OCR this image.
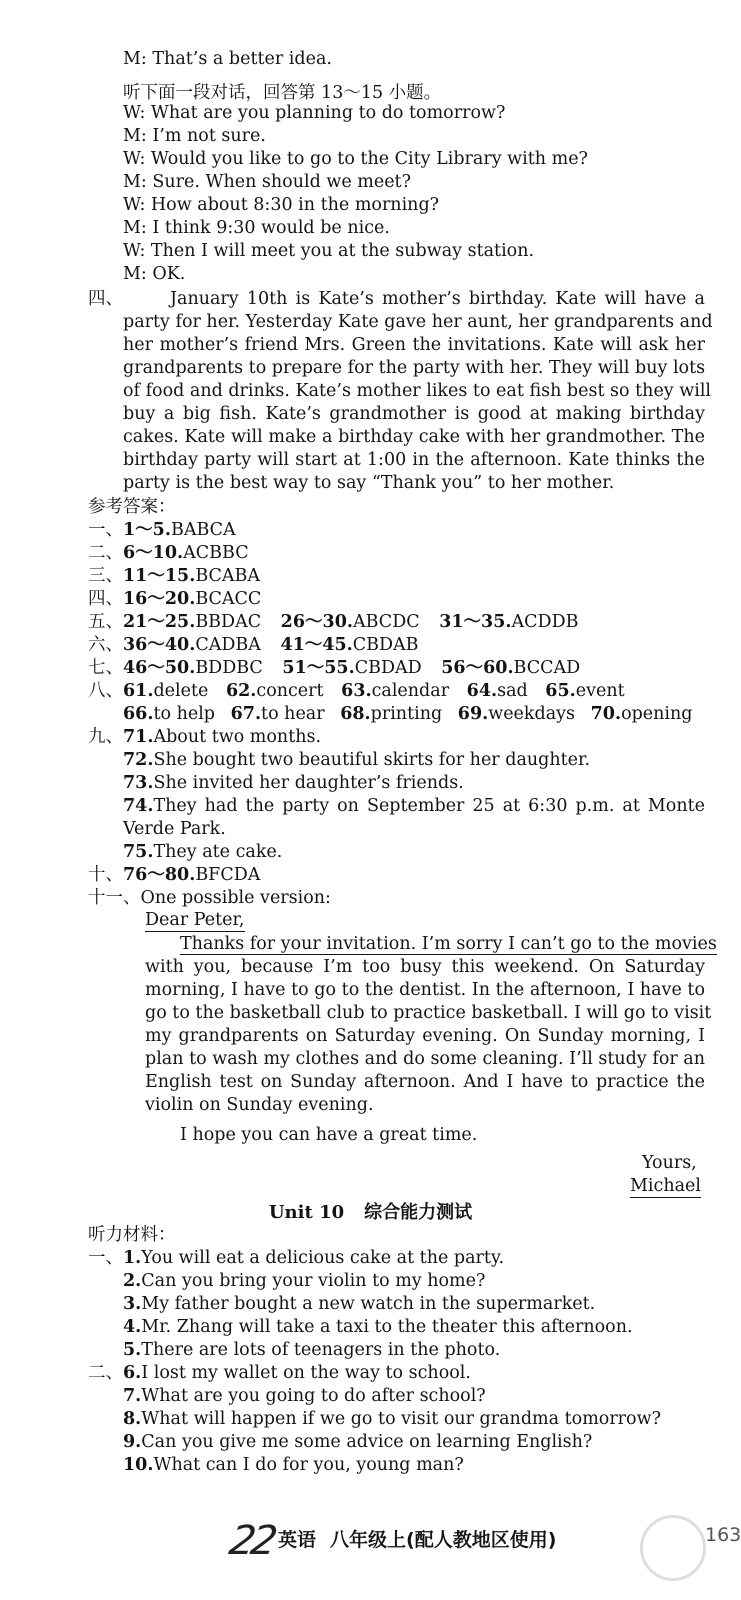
M: That’s a better idea.
听下面一段对话，回答第 13～15 小题。
W: What are you planning to do tomorrow?
M: I’m not sure.
W: Would you like to go to the City Library with me?
M: Sure. When should we meet?
W: How about 8:30 in the morning?
M: I think 9:30 would be nice.
W: Then I will meet you at the subway station.
M: OK.
四、	January 10th is Kate’s mother’s birthday. Kate will have a
party for her. Yesterday Kate gave her aunt, her grandparents and
her mother’s friend Mrs. Green the invitations. Kate will ask her
grandparents to prepare for the party with her. They will buy lots
of food and drinks. Kate’s mother likes to eat fish best so they will
buy a big fish. Kate’s grandmother is good at making birthday
cakes. Kate will make a birthday cake with her grandmother. The
birthday party will start at 1:00 in the afternoon. Kate thinks the
party is the best way to say “Thank you” to her mother.
参考答案：
一、1～5.BABCA
二、6～10.ACBBC
三、11～15.BCABA
四、16～20.BCACC
五、21～25.BBDAC 26～30.ABCDC 31～35.ACDDB
六、36～40.CADBA 41～45.CBDAB
七、46～50.BDDBC 51～55.CBDAD 56～60.BCCAD
八、61.delete 62.concert 63.calendar 64.sad 65.event
66.to help 67.to hear 68.printing 69.weekdays 70.opening
九、71.About two months.
72.She bought two beautiful skirts for her daughter.
73.She invited her daughter’s friends.
74.They had the party on September 25 at 6:30 p.m. at Monte
Verde Park.
75.They ate cake.
十、76～80.BFCDA
十一、One possible version:
Dear Peter,
Thanks for your invitation. I’m sorry I can’t go to the movies
with you, because I’m too busy this weekend. On Saturday
morning, I have to go to the dentist. In the afternoon, I have to
go to the basketball club to practice basketball. I will go to visit
my grandparents on Saturday evening. On Sunday morning, I
plan to wash my clothes and do some cleaning. I’ll study for an
English test on Sunday afternoon. And I have to practice the
violin on Sunday evening.
I hope you can have a great time.
Yours,
Michael
Unit 10 综合能力测试
听力材料：
一、1.You will eat a delicious cake at the party.
2.Can you bring your violin to my home?
3.My father bought a new watch in the supermarket.
4.Mr. Zhang will take a taxi to the theater this afternoon.
5.There are lots of teenagers in the photo.
二、6.I lost my wallet on the way to school.
7.What are you going to do after school?
8.What will happen if we go to visit our grandma tomorrow?
9.Can you give me some advice on learning English?
10.What can I do for you, young man?
22 英语 八年级上(配人教地区使用)	163
